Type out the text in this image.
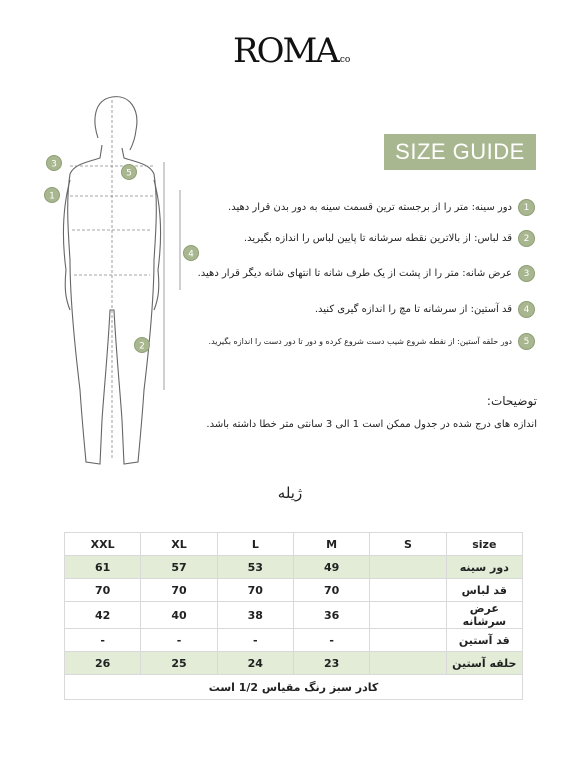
ROMA co
3
1
5
4
2
SIZE GUIDE
1
دور سینه: متر را از برجسته ترین قسمت سینه به دور بدن قرار دهید.
2
قد لباس: از بالاترین نقطه سرشانه تا پایین لباس را اندازه بگیرید.
3
عرض شانه: متر را از پشت از یک طرف شانه تا انتهای شانه دیگر قرار دهید.
4
قد آستین: از سرشانه تا مچ را اندازه گیری کنید.
5
دور حلقه آستین: از نقطه شروع شیب دست شروع کرده و دور تا دور دست را اندازه بگیرید.
توضیحات:
اندازه های درج شده در جدول ممکن است 1 الی 3 سانتی متر خطا داشته باشد.
ژیله
XXL	XL	L	M	S	size
61	57	53	49		دور سینه
70	70	70	70		قد لباس
42	40	38	36		عرض سرشانه
-	-	-	-		قد آستین
26	25	24	23		حلقه آستین
کادر سبز رنگ مقیاس 1/2 است					
